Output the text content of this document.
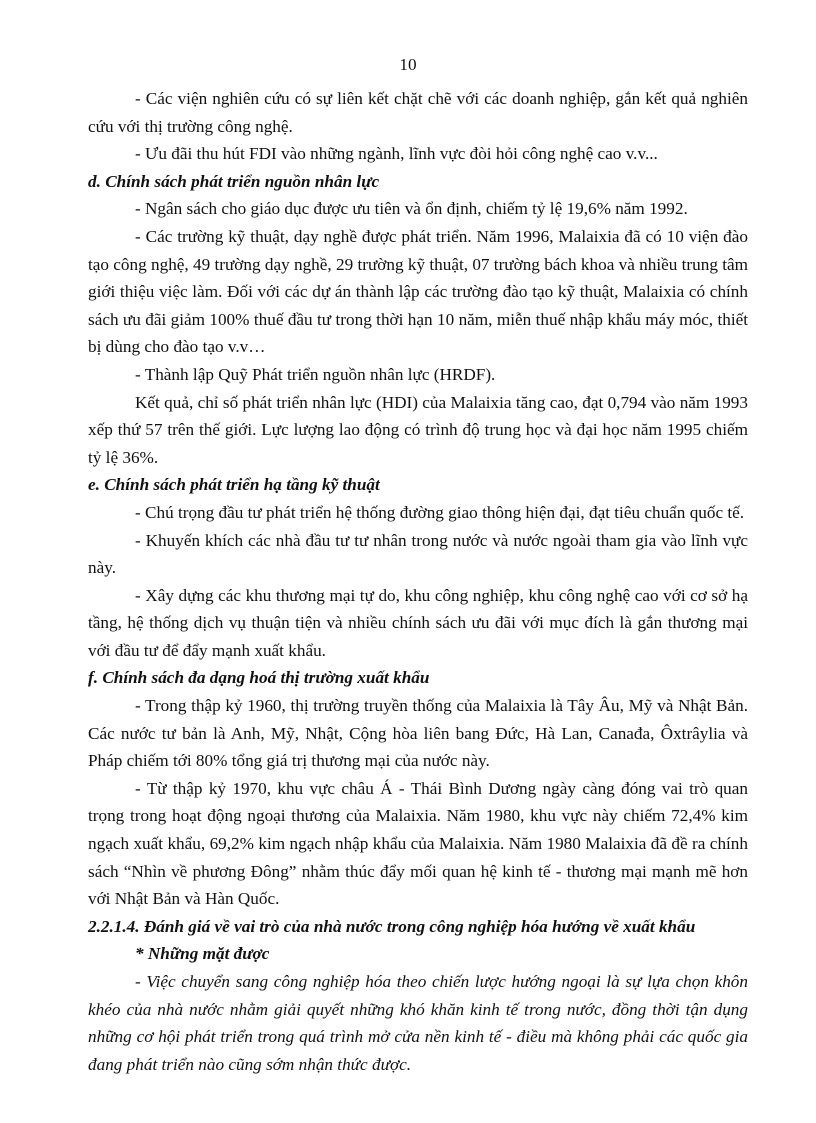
10

- Các viện nghiên cứu có sự liên kết chặt chẽ với các doanh nghiệp, gắn kết quả nghiên cứu với thị trường công nghệ.

- Ưu đãi thu hút FDI vào những ngành, lĩnh vực đòi hỏi công nghệ cao v.v...

d. Chính sách phát triển nguồn nhân lực

- Ngân sách cho giáo dục được ưu tiên và ổn định, chiếm tỷ lệ 19,6% năm 1992.

- Các trường kỹ thuật, dạy nghề được phát triển. Năm 1996, Malaixia đã có 10 viện đào tạo công nghệ, 49 trường dạy nghề, 29 trường kỹ thuật, 07 trường bách khoa và nhiều trung tâm giới thiệu việc làm. Đối với các dự án thành lập các trường đào tạo kỹ thuật, Malaixia có chính sách ưu đãi giảm 100% thuế đầu tư trong thời hạn 10 năm, miễn thuế nhập khẩu máy móc, thiết bị dùng cho đào tạo v.v…

- Thành lập Quỹ Phát triển nguồn nhân lực (HRDF).

Kết quả, chỉ số phát triển nhân lực (HDI) của Malaixia tăng cao, đạt 0,794 vào năm 1993 xếp thứ 57 trên thế giới. Lực lượng lao động có trình độ trung học và đại học năm 1995 chiếm tỷ lệ 36%.

e. Chính sách phát triển hạ tầng kỹ thuật

- Chú trọng đầu tư phát triển hệ thống đường giao thông hiện đại, đạt tiêu chuẩn quốc tế.

- Khuyến khích các nhà đầu tư tư nhân trong nước và nước ngoài tham gia vào lĩnh vực này.

- Xây dựng các khu thương mại tự do, khu công nghiệp, khu công nghệ cao với cơ sở hạ tầng, hệ thống dịch vụ thuận tiện và nhiều chính sách ưu đãi với mục đích là gắn thương mại với đầu tư để đẩy mạnh xuất khẩu.

f. Chính sách đa dạng hoá thị trường xuất khẩu

- Trong thập kỷ 1960, thị trường truyền thống của Malaixia là Tây Âu, Mỹ và Nhật Bản. Các nước tư bản là Anh, Mỹ, Nhật, Cộng hòa liên bang Đức, Hà Lan, Canađa, Ôxtrâylia và Pháp chiếm tới 80% tổng giá trị thương mại của nước này.

- Từ thập kỷ 1970, khu vực châu Á - Thái Bình Dương ngày càng đóng vai trò quan trọng trong hoạt động ngoại thương của Malaixia. Năm 1980, khu vực này chiếm 72,4% kim ngạch xuất khẩu, 69,2% kim ngạch nhập khẩu của Malaixia. Năm 1980 Malaixia đã đề ra chính sách “Nhìn về phương Đông” nhằm thúc đẩy mối quan hệ kinh tế - thương mại mạnh mẽ hơn với Nhật Bản và Hàn Quốc.

2.2.1.4. Đánh giá về vai trò của nhà nước trong công nghiệp hóa hướng về xuất khẩu

* Những mặt được

- Việc chuyển sang công nghiệp hóa theo chiến lược hướng ngoại là sự lựa chọn khôn khéo của nhà nước nhằm giải quyết những khó khăn kinh tế trong nước, đồng thời tận dụng những cơ hội phát triển trong quá trình mở cửa nền kinh tế - điều mà không phải các quốc gia đang phát triển nào cũng sớm nhận thức được.
